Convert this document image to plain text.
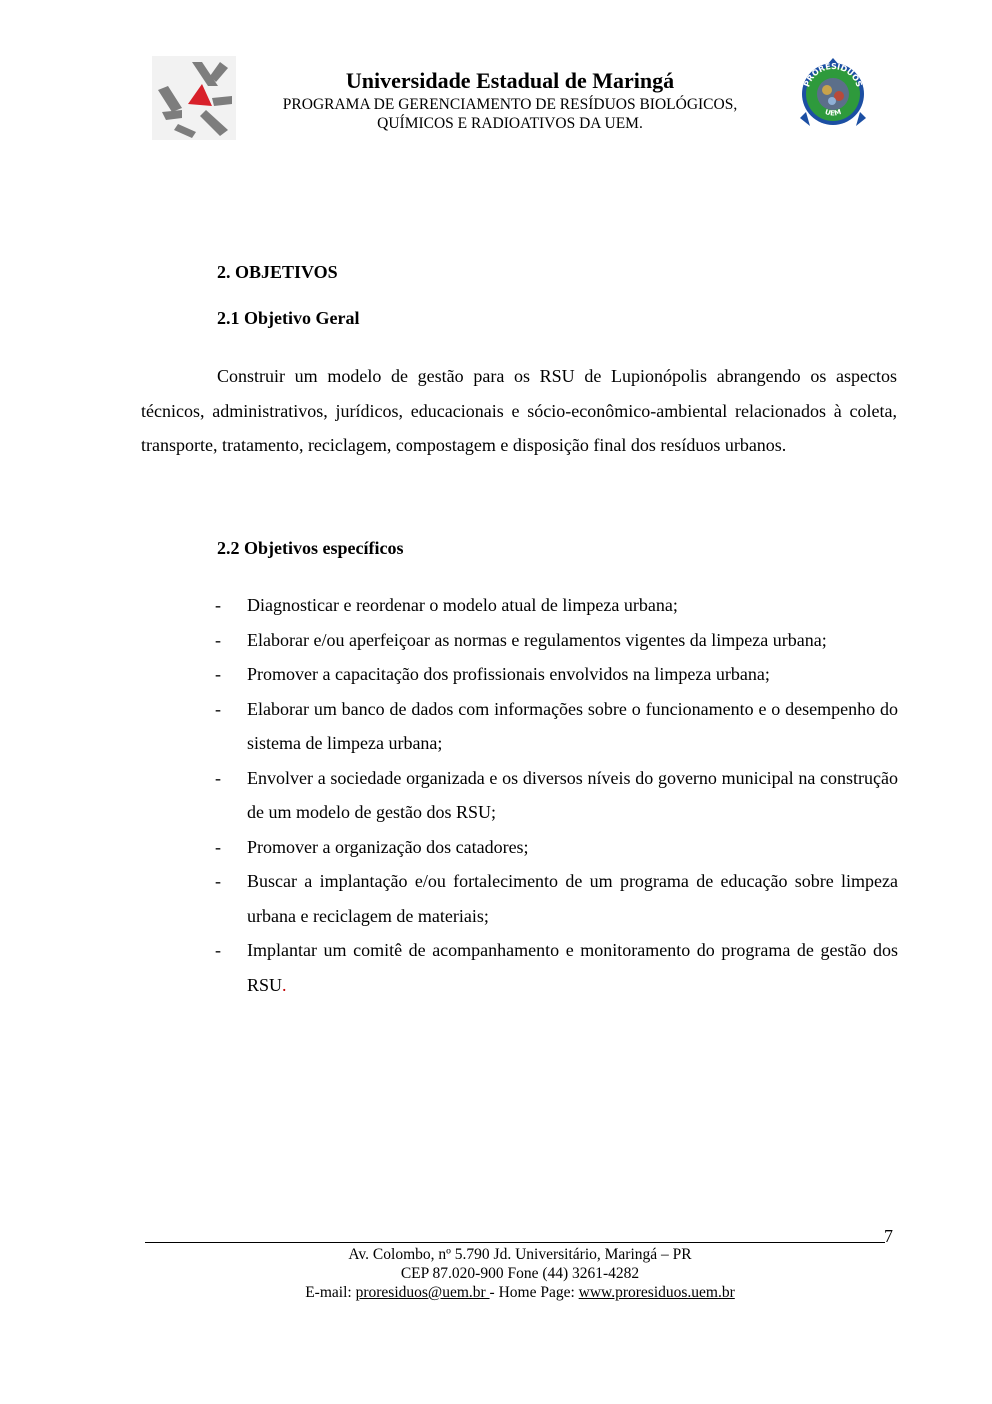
Universidade Estadual de Maringá
PROGRAMA DE GERENCIAMENTO DE RESÍDUOS BIOLÓGICOS,
QUÍMICOS E RADIOATIVOS DA UEM.
PRORESÍDUOS
UEM
2. OBJETIVOS
2.1 Objetivo Geral

Construir um modelo de gestão para os RSU de Lupionópolis abrangendo os aspectos técnicos, administrativos, jurídicos, educacionais e sócio-econômico-ambiental relacionados à coleta, transporte, tratamento, reciclagem, compostagem e disposição final dos resíduos urbanos.

2.2 Objetivos específicos
- Diagnosticar e reordenar o modelo atual de limpeza urbana;
- Elaborar e/ou aperfeiçoar as normas e regulamentos vigentes da limpeza urbana;
- Promover a capacitação dos profissionais envolvidos na limpeza urbana;
- Elaborar um banco de dados com informações sobre o funcionamento e o desempenho do sistema de limpeza urbana;
- Envolver a sociedade organizada e os diversos níveis do governo municipal na construção de um modelo de gestão dos RSU;
- Promover a organização dos catadores;
- Buscar a implantação e/ou fortalecimento de um programa de educação sobre limpeza urbana e reciclagem de materiais;
- Implantar um comitê de acompanhamento e monitoramento do programa de gestão dos RSU.
7
Av. Colombo, nº 5.790 Jd. Universitário, Maringá – PR
CEP 87.020-900 Fone (44) 3261-4282
E-mail: proresiduos@uem.br - Home Page: www.proresiduos.uem.br
